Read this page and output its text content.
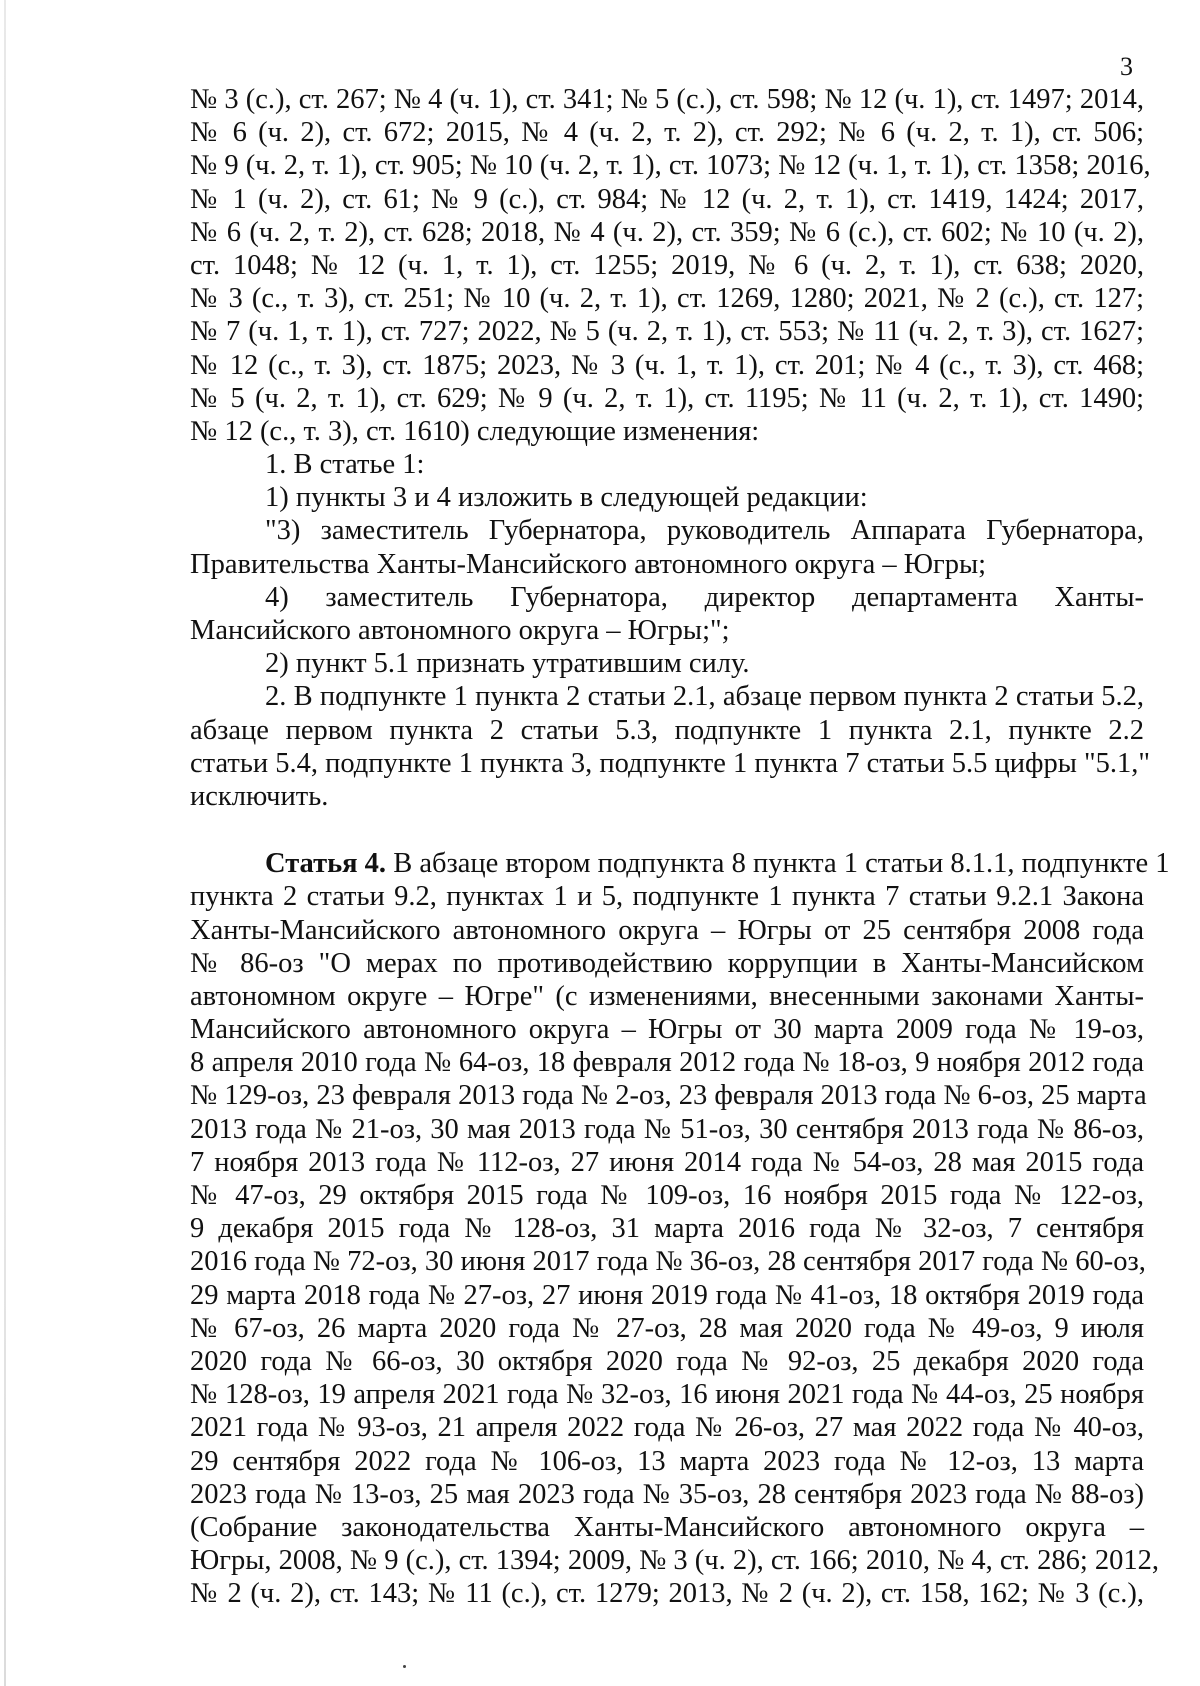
3
№ 3 (с.), ст. 267; № 4 (ч. 1), ст. 341; № 5 (с.), ст. 598; № 12 (ч. 1), ст. 1497; 2014,
№ 6 (ч. 2), ст. 672; 2015, № 4 (ч. 2, т. 2), ст. 292; № 6 (ч. 2, т. 1), ст. 506;
№ 9 (ч. 2, т. 1), ст. 905; № 10 (ч. 2, т. 1), ст. 1073; № 12 (ч. 1, т. 1), ст. 1358; 2016,
№ 1 (ч. 2), ст. 61; № 9 (с.), ст. 984; № 12 (ч. 2, т. 1), ст. 1419, 1424; 2017,
№ 6 (ч. 2, т. 2), ст. 628; 2018, № 4 (ч. 2), ст. 359; № 6 (с.), ст. 602; № 10 (ч. 2),
ст. 1048; № 12 (ч. 1, т. 1), ст. 1255; 2019, № 6 (ч. 2, т. 1), ст. 638; 2020,
№ 3 (с., т. 3), ст. 251; № 10 (ч. 2, т. 1), ст. 1269, 1280; 2021, № 2 (с.), ст. 127;
№ 7 (ч. 1, т. 1), ст. 727; 2022, № 5 (ч. 2, т. 1), ст. 553; № 11 (ч. 2, т. 3), ст. 1627;
№ 12 (с., т. 3), ст. 1875; 2023, № 3 (ч. 1, т. 1), ст. 201; № 4 (с., т. 3), ст. 468;
№ 5 (ч. 2, т. 1), ст. 629; № 9 (ч. 2, т. 1), ст. 1195; № 11 (ч. 2, т. 1), ст. 1490;
№ 12 (с., т. 3), ст. 1610) следующие изменения:
1. В статье 1:
1) пункты 3 и 4 изложить в следующей редакции:
"3) заместитель Губернатора, руководитель Аппарата Губернатора,
Правительства Ханты-Мансийского автономного округа – Югры;
4) заместитель Губернатора, директор департамента Ханты-
Мансийского автономного округа – Югры;";
2) пункт 5.1 признать утратившим силу.
2. В подпункте 1 пункта 2 статьи 2.1, абзаце первом пункта 2 статьи 5.2,
абзаце первом пункта 2 статьи 5.3, подпункте 1 пункта 2.1, пункте 2.2
статьи 5.4, подпункте 1 пункта 3, подпункте 1 пункта 7 статьи 5.5 цифры "5.1,"
исключить.
Статья 4. В абзаце втором подпункта 8 пункта 1 статьи 8.1.1, подпункте 1
пункта 2 статьи 9.2, пунктах 1 и 5, подпункте 1 пункта 7 статьи 9.2.1 Закона
Ханты-Мансийского автономного округа – Югры от 25 сентября 2008 года
№ 86-оз "О мерах по противодействию коррупции в Ханты-Мансийском
автономном округе – Югре" (с изменениями, внесенными законами Ханты-
Мансийского автономного округа – Югры от 30 марта 2009 года № 19-оз,
8 апреля 2010 года № 64-оз, 18 февраля 2012 года № 18-оз, 9 ноября 2012 года
№ 129-оз, 23 февраля 2013 года № 2-оз, 23 февраля 2013 года № 6-оз, 25 марта
2013 года № 21-оз, 30 мая 2013 года № 51-оз, 30 сентября 2013 года № 86-оз,
7 ноября 2013 года № 112-оз, 27 июня 2014 года № 54-оз, 28 мая 2015 года
№ 47-оз, 29 октября 2015 года № 109-оз, 16 ноября 2015 года № 122-оз,
9 декабря 2015 года № 128-оз, 31 марта 2016 года № 32-оз, 7 сентября
2016 года № 72-оз, 30 июня 2017 года № 36-оз, 28 сентября 2017 года № 60-оз,
29 марта 2018 года № 27-оз, 27 июня 2019 года № 41-оз, 18 октября 2019 года
№ 67-оз, 26 марта 2020 года № 27-оз, 28 мая 2020 года № 49-оз, 9 июля
2020 года № 66-оз, 30 октября 2020 года № 92-оз, 25 декабря 2020 года
№ 128-оз, 19 апреля 2021 года № 32-оз, 16 июня 2021 года № 44-оз, 25 ноября
2021 года № 93-оз, 21 апреля 2022 года № 26-оз, 27 мая 2022 года № 40-оз,
29 сентября 2022 года № 106-оз, 13 марта 2023 года № 12-оз, 13 марта
2023 года № 13-оз, 25 мая 2023 года № 35-оз, 28 сентября 2023 года № 88-оз)
(Собрание законодательства Ханты-Мансийского автономного округа –
Югры, 2008, № 9 (с.), ст. 1394; 2009, № 3 (ч. 2), ст. 166; 2010, № 4, ст. 286; 2012,
№ 2 (ч. 2), ст. 143; № 11 (с.), ст. 1279; 2013, № 2 (ч. 2), ст. 158, 162; № 3 (с.),
